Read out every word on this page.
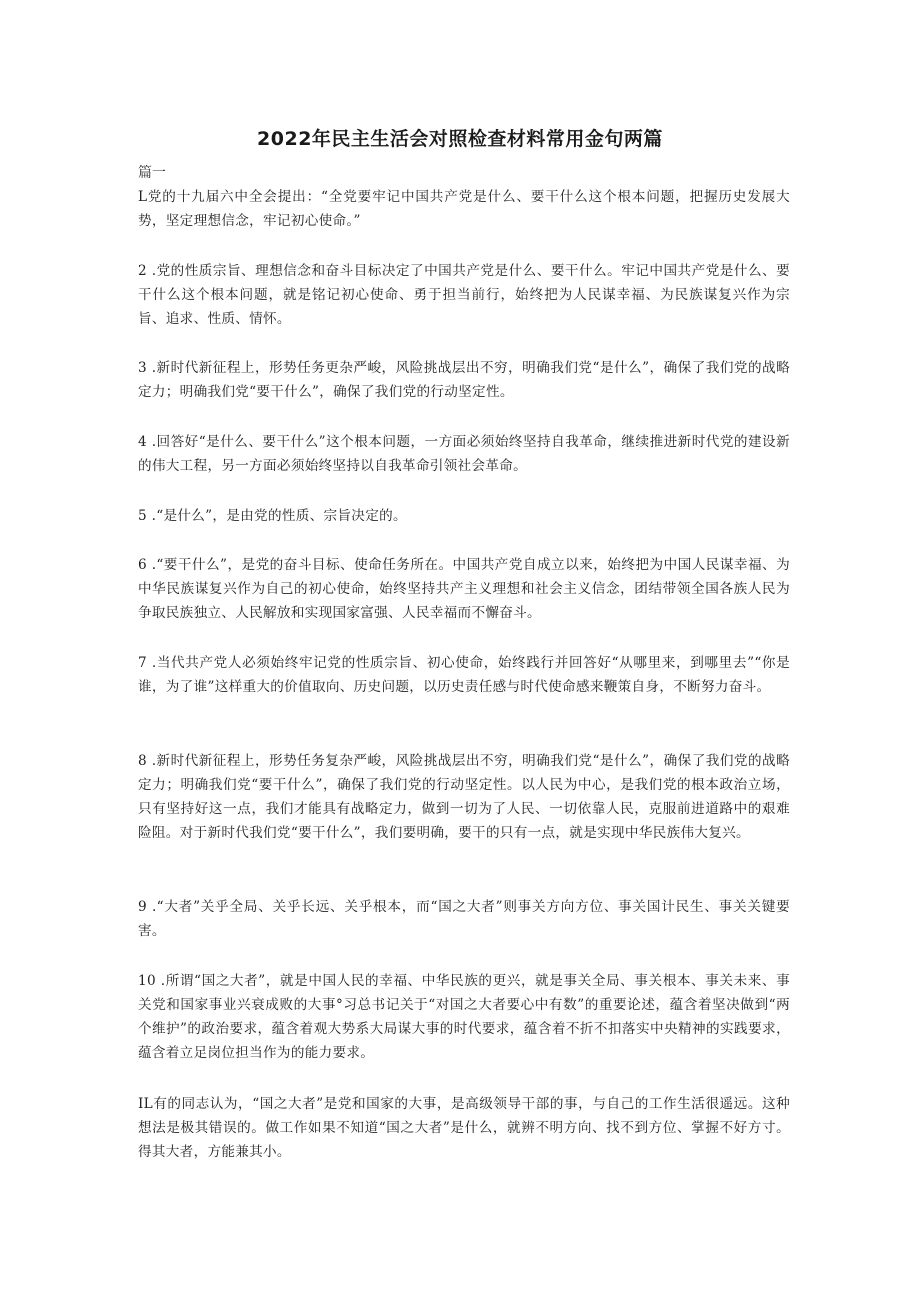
2022年民主生活会对照检查材料常用金句两篇
篇一
L党的十九届六中全会提出：“全党要牢记中国共产党是什么、要干什么这个根本问题，把握历史发展大势，坚定理想信念，牢记初心使命。”
2 .党的性质宗旨、理想信念和奋斗目标决定了中国共产党是什么、要干什么。牢记中国共产党是什么、要干什么这个根本问题，就是铭记初心使命、勇于担当前行，始终把为人民谋幸福、为民族谋复兴作为宗旨、追求、性质、情怀。
3 .新时代新征程上，形势任务更杂严峻，风险挑战层出不穷，明确我们党“是什么”，确保了我们党的战略定力；明确我们党“要干什么”，确保了我们党的行动坚定性。
4 .回答好“是什么、要干什么”这个根本问题，一方面必须始终坚持自我革命，继续推进新时代党的建设新的伟大工程，另一方面必须始终坚持以自我革命引领社会革命。
5 .“是什么”，是由党的性质、宗旨决定的。
6 .“要干什么”，是党的奋斗目标、使命任务所在。中国共产党自成立以来，始终把为中国人民谋幸福、为中华民族谋复兴作为自己的初心使命，始终坚持共产主义理想和社会主义信念，团结带领全国各族人民为争取民族独立、人民解放和实现国家富强、人民幸福而不懈奋斗。
7 .当代共产党人必须始终牢记党的性质宗旨、初心使命，始终践行并回答好“从哪里来，到哪里去”“你是谁，为了谁”这样重大的价值取向、历史问题，以历史责任感与时代使命感来鞭策自身，不断努力奋斗。
8 .新时代新征程上，形势任务复杂严峻，风险挑战层出不穷，明确我们党“是什么”，确保了我们党的战略定力；明确我们党“要干什么”，确保了我们党的行动坚定性。以人民为中心，是我们党的根本政治立场，只有坚持好这一点，我们才能具有战略定力，做到一切为了人民、一切依靠人民，克服前进道路中的艰难险阻。对于新时代我们党“要干什么”，我们要明确，要干的只有一点，就是实现中华民族伟大复兴。
9 .“大者”关乎全局、关乎长远、关乎根本，而“国之大者”则事关方向方位、事关国计民生、事关关键要害。
10 .所谓“国之大者”，就是中国人民的幸福、中华民族的更兴，就是事关全局、事关根本、事关未来、事关党和国家事业兴衰成败的大事°习总书记关于“对国之大者要心中有数”的重要论述，蕴含着坚决做到“两个维护”的政治要求，蕴含着观大势系大局谋大事的时代要求，蕴含着不折不扣落实中央精神的实践要求，蕴含着立足岗位担当作为的能力要求。
IL有的同志认为，“国之大者”是党和国家的大事，是高级领导干部的事，与自己的工作生活很遥远。这种想法是极其错误的。做工作如果不知道“国之大者”是什么，就辨不明方向、找不到方位、掌握不好方寸。得其大者，方能兼其小。
